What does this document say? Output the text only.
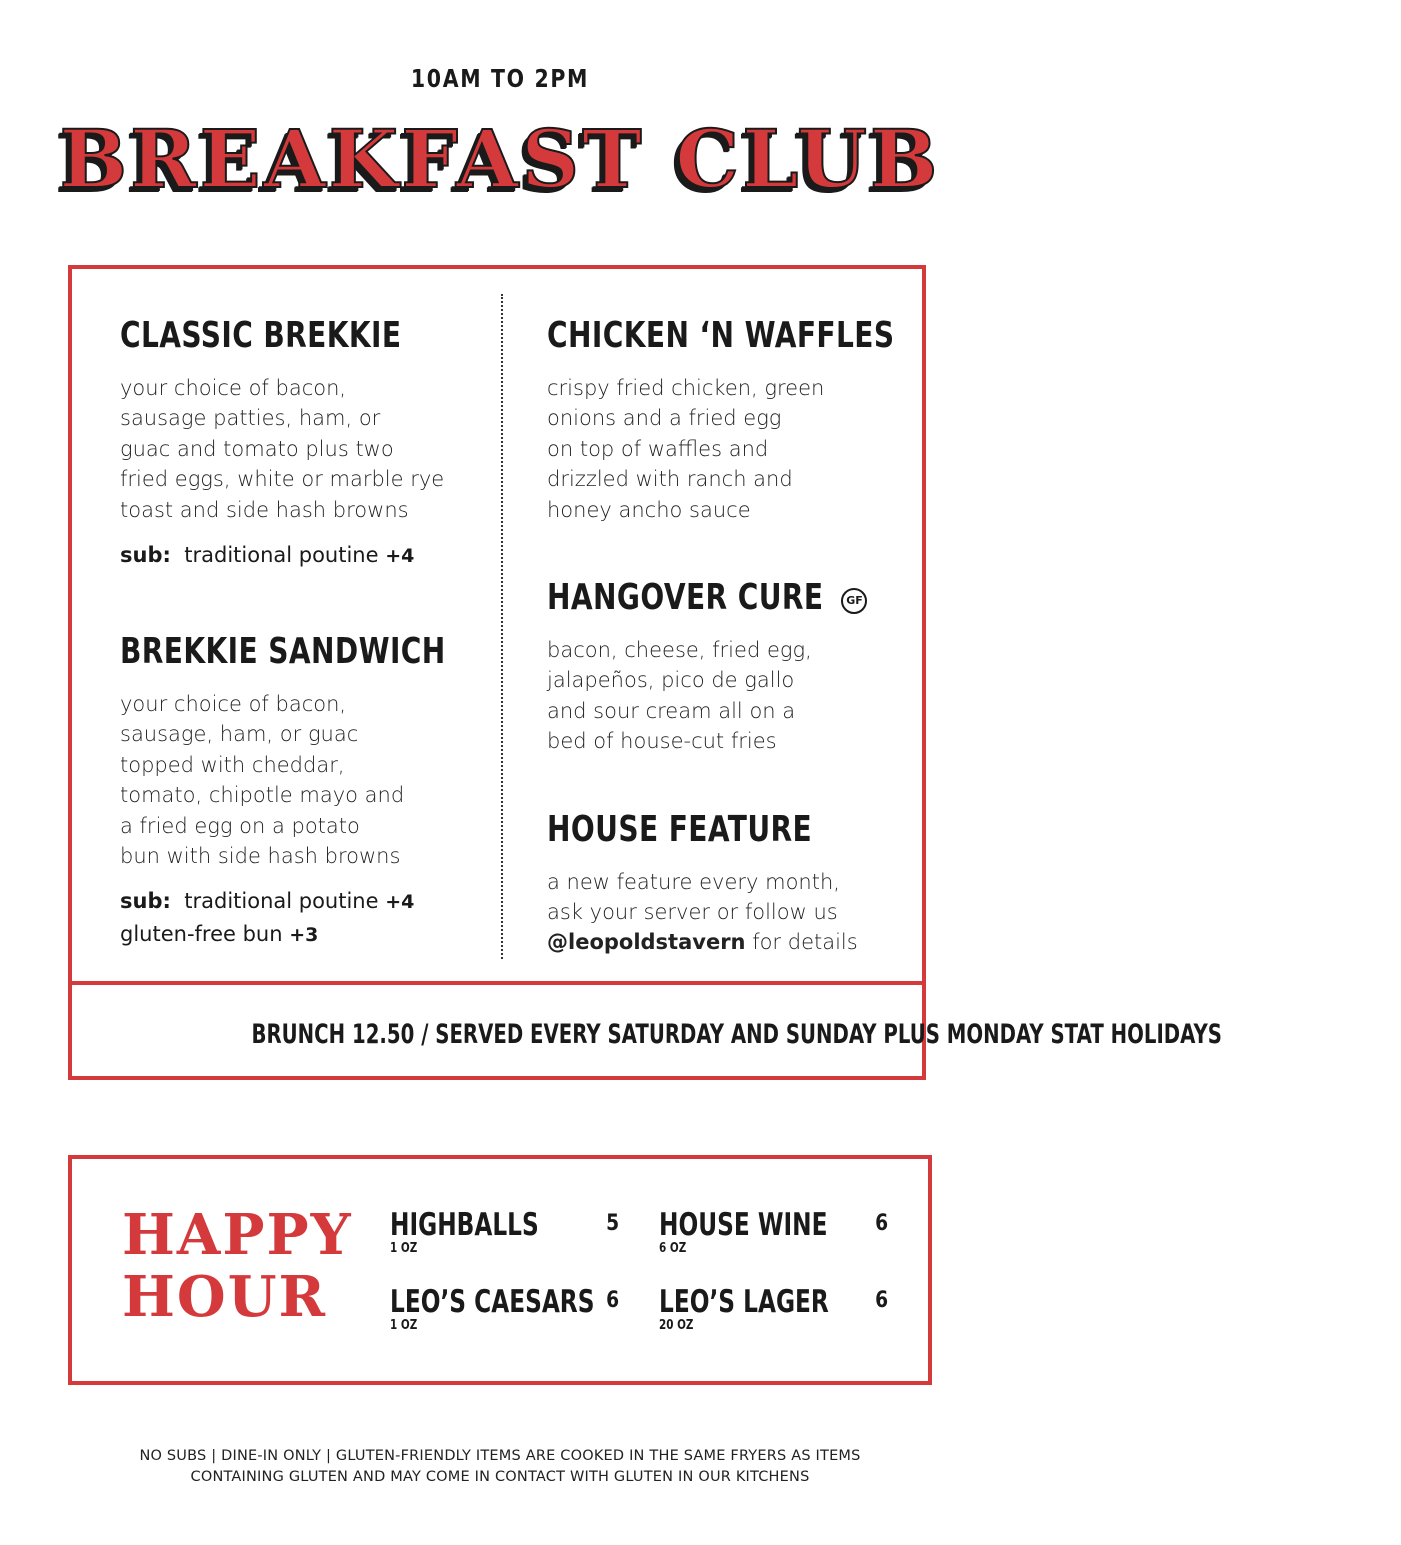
10AM TO 2PM
BREAKFAST CLUB
CLASSIC BREKKIE
your choice of bacon,
sausage patties, ham, or
guac and tomato plus two
fried eggs, white or marble rye
toast and side hash browns
sub: traditional poutine +4
BREKKIE SANDWICH
your choice of bacon,
sausage, ham, or guac
topped with cheddar,
tomato, chipotle mayo and
a fried egg on a potato
bun with side hash browns
sub: traditional poutine +4
gluten-free bun +3
CHICKEN ‘N WAFFLES
crispy fried chicken, green
onions and a fried egg
on top of waffles and
drizzled with ranch and
honey ancho sauce
HANGOVER CURE GF
bacon, cheese, fried egg,
jalapeños, pico de gallo
and sour cream all on a
bed of house-cut fries
HOUSE FEATURE
a new feature every month,
ask your server or follow us
@leopoldstavern for details
BRUNCH 12.50 / SERVED EVERY SATURDAY AND SUNDAY PLUS MONDAY STAT HOLIDAYS
HAPPY
HOUR
HIGHBALLS
1 OZ
5 HOUSE WINE
6 OZ
6
LEO’S CAESARS
1 OZ
6 LEO’S LAGER
20 OZ
6
NO SUBS | DINE-IN ONLY | GLUTEN-FRIENDLY ITEMS ARE COOKED IN THE SAME FRYERS AS ITEMS
CONTAINING GLUTEN AND MAY COME IN CONTACT WITH GLUTEN IN OUR KITCHENS
